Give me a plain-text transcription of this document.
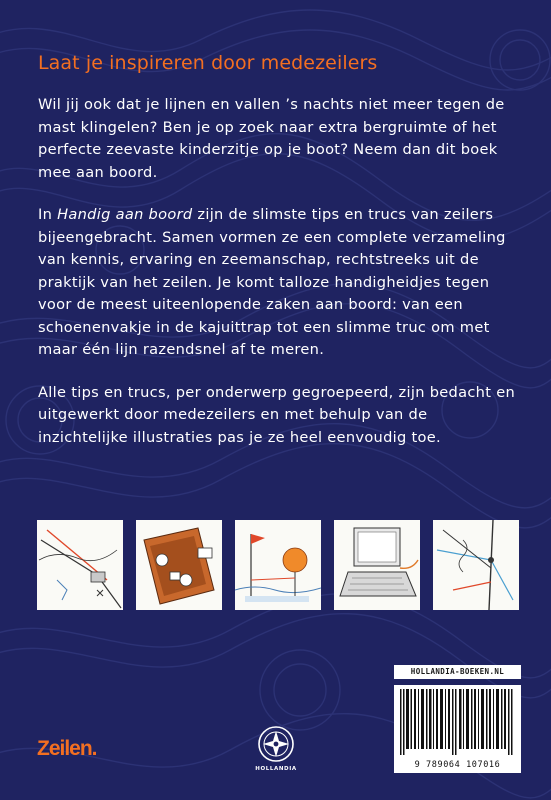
Laat je inspireren door medezeilers

Wil jij ook dat je lijnen en vallen ’s nachts niet meer tegen de mast klingelen? Ben je op zoek naar extra bergruimte of het perfecte zeevaste kinderzitje op je boot? Neem dan dit boek mee aan boord.

In Handig aan boord zijn de slimste tips en trucs van zeilers bijeengebracht. Samen vormen ze een complete verzameling van kennis, ervaring en zeemanschap, rechtstreeks uit de praktijk van het zeilen. Je komt talloze handigheidjes tegen voor de meest uiteenlopende zaken aan boord: van een schoenenvakje in de kajuittrap tot een slimme truc om met maar één lijn razendsnel af te meren.

Alle tips en trucs, per onderwerp gegroepeerd, zijn bedacht en uitgewerkt door medezeilers en met behulp van de inzichtelijke illustraties pas je ze heel eenvoudig toe.

HOLLANDIA-BOEKEN.NL
9 789064 107016
Zeilen.
HOLLANDIA
